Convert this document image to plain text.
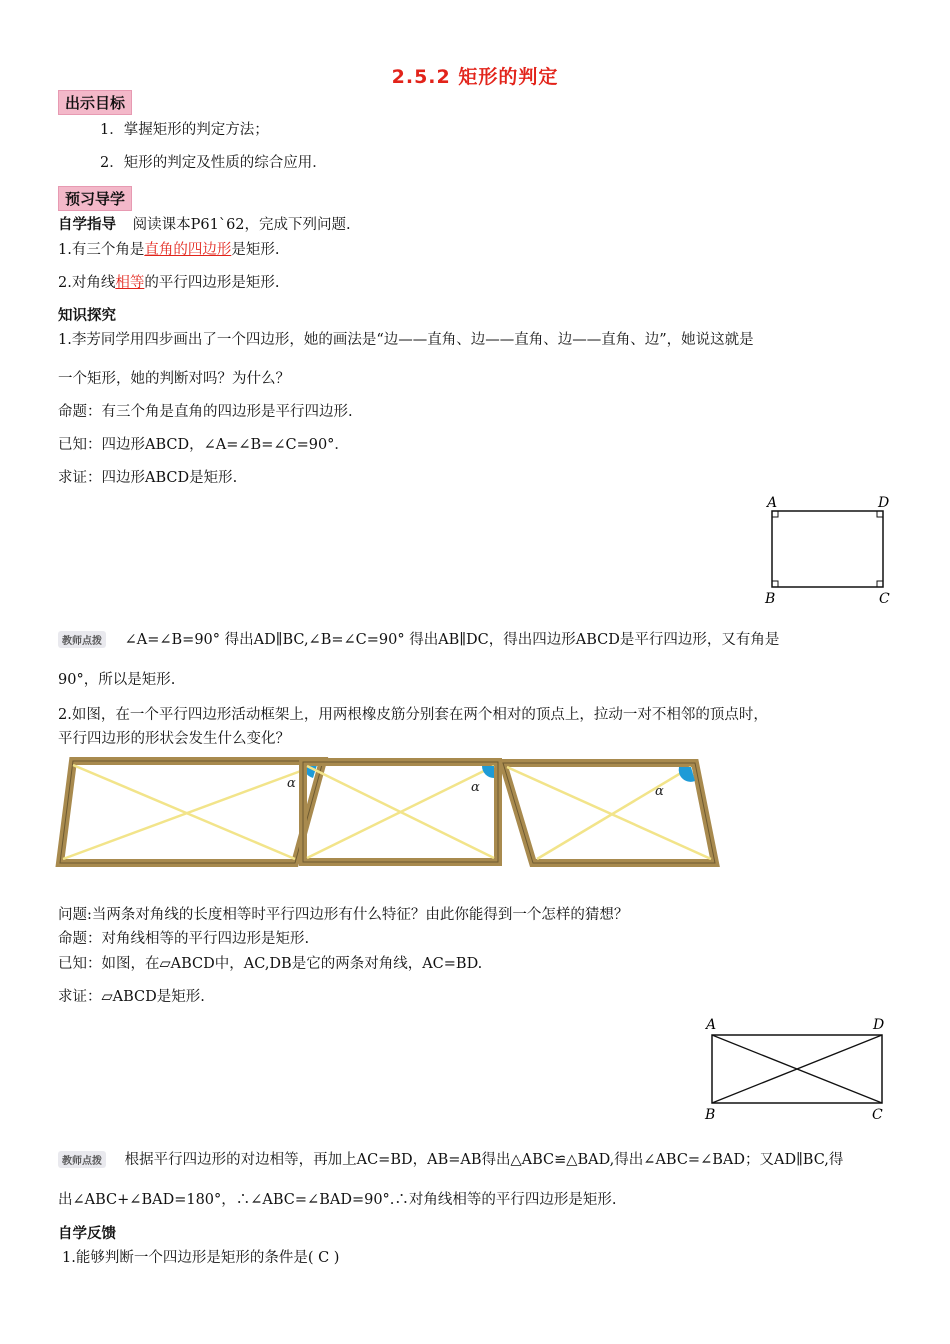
2.5.2 矩形的判定
出示目标
1．掌握矩形的判定方法；
2．矩形的判定及性质的综合应用．
预习导学
自学指导 阅读课本P61`62，完成下列问题.
1.有三个角是直角的四边形是矩形.
2.对角线相等的平行四边形是矩形.
知识探究
1.李芳同学用四步画出了一个四边形，她的画法是“边——直角、边——直角、边——直角、边”，她说这就是
一个矩形，她的判断对吗？为什么？
命题：有三个角是直角的四边形是平行四边形.
已知：四边形ABCD，∠A=∠B=∠C=90°．
求证：四边形ABCD是矩形.
A	D
B	C
教师点拨 ∠A=∠B=90° 得出AD∥BC,∠B=∠C=90° 得出AB∥DC，得出四边形ABCD是平行四边形，又有角是
90°，所以是矩形.
2.如图，在一个平行四边形活动框架上，用两根橡皮筋分别套在两个相对的顶点上，拉动一对不相邻的顶点时，
平行四边形的形状会发生什么变化？
α	α	α
问题:当两条对角线的长度相等时平行四边形有什么特征？由此你能得到一个怎样的猜想？
命题：对角线相等的平行四边形是矩形.
已知：如图，在▱ABCD中，AC,DB是它的两条对角线，AC=BD.
求证：▱ABCD是矩形.
A	D
B	C
教师点拨 根据平行四边形的对边相等，再加上AC=BD，AB=AB得出△ABC≌△BAD,得出∠ABC=∠BAD；又AD∥BC,得
出∠ABC+∠BAD=180°，∴∠ABC=∠BAD=90°.∴对角线相等的平行四边形是矩形.
自学反馈
1.能够判断一个四边形是矩形的条件是( C )
